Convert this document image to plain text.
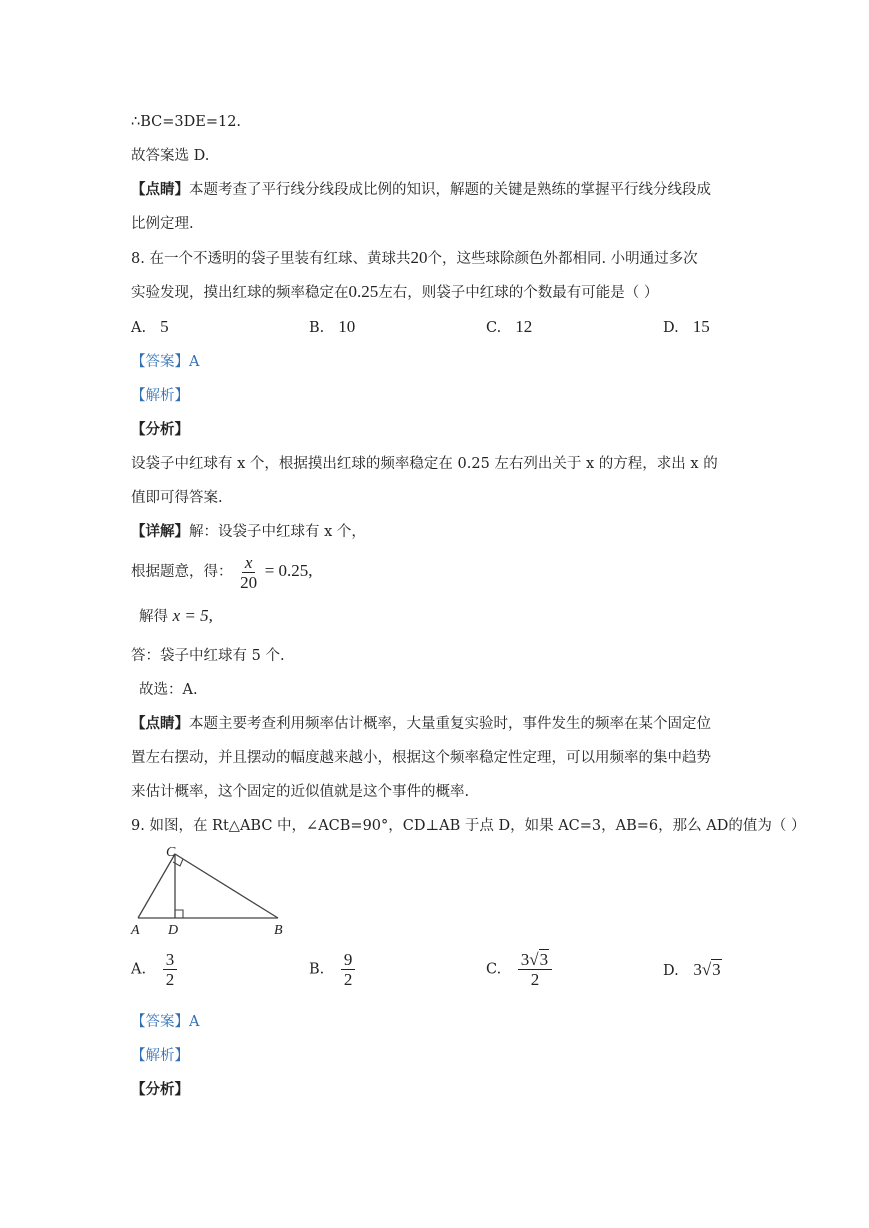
∴BC=3DE=12.
故答案选 D.
【点睛】本题考查了平行线分线段成比例的知识，解题的关键是熟练的掌握平行线分线段成
比例定理.
8. 在一个不透明的袋子里装有红球、黄球共20个，这些球除颜色外都相同. 小明通过多次
实验发现，摸出红球的频率稳定在0.25左右，则袋子中红球的个数最有可能是（ ）
A. 5	B. 10	C. 12	D. 15
【答案】A
【解析】
【分析】
设袋子中红球有 x 个，根据摸出红球的频率稳定在 0.25 左右列出关于 x 的方程，求出 x 的
值即可得答案.
【详解】解：设袋子中红球有 x 个，
根据题意，得： $\frac{x}{20} = 0.25$,
解得 x = 5,
答：袋子中红球有 5 个.
故选：A.
【点睛】本题主要考查利用频率估计概率，大量重复实验时，事件发生的频率在某个固定位
置左右摆动，并且摆动的幅度越来越小，根据这个频率稳定性定理，可以用频率的集中趋势
来估计概率，这个固定的近似值就是这个事件的概率.
9. 如图，在 Rt△ABC 中，∠ACB=90°，CD⊥AB 于点 D，如果 AC=3，AB=6，那么 AD的值为（ ）
C
A D	B
A. $\frac{3}{2}$	B. $\frac{9}{2}$	C. $\frac{3√3}{2}$	D. 3√3
【答案】A
【解析】
【分析】
